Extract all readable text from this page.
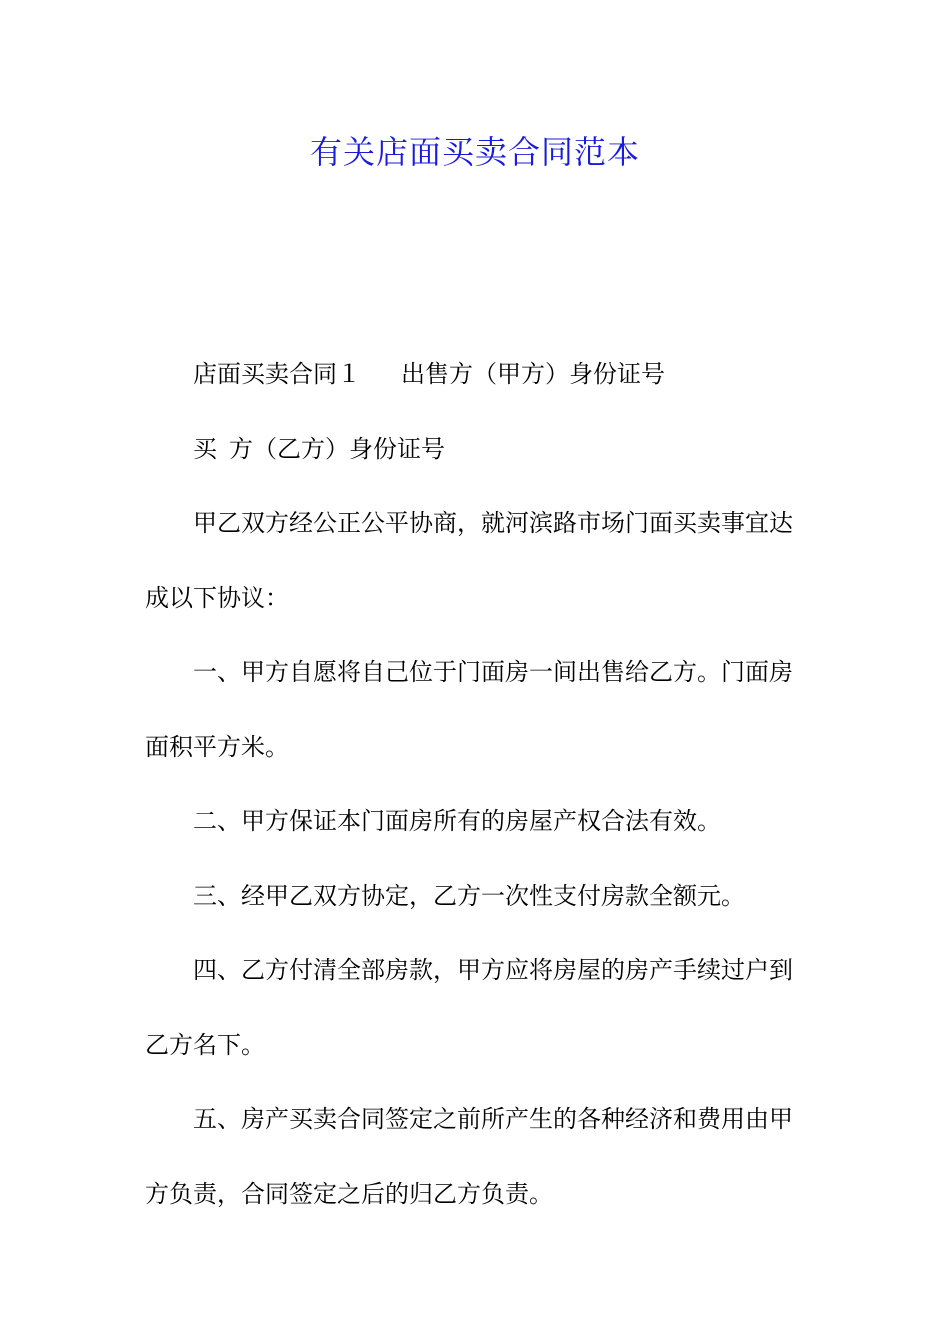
有关店面买卖合同范本

店面买卖合同１ 出售方（甲方）身份证号

买 方（乙方）身份证号

甲乙双方经公正公平协商，就河滨路市场门面买卖事宜达成以下协议：

一、甲方自愿将自己位于门面房一间出售给乙方。门面房面积平方米。

二、甲方保证本门面房所有的房屋产权合法有效。

三、经甲乙双方协定，乙方一次性支付房款全额元。

四、乙方付清全部房款，甲方应将房屋的房产手续过户到乙方名下。

五、房产买卖合同签定之前所产生的各种经济和费用由甲方负责，合同签定之后的归乙方负责。
